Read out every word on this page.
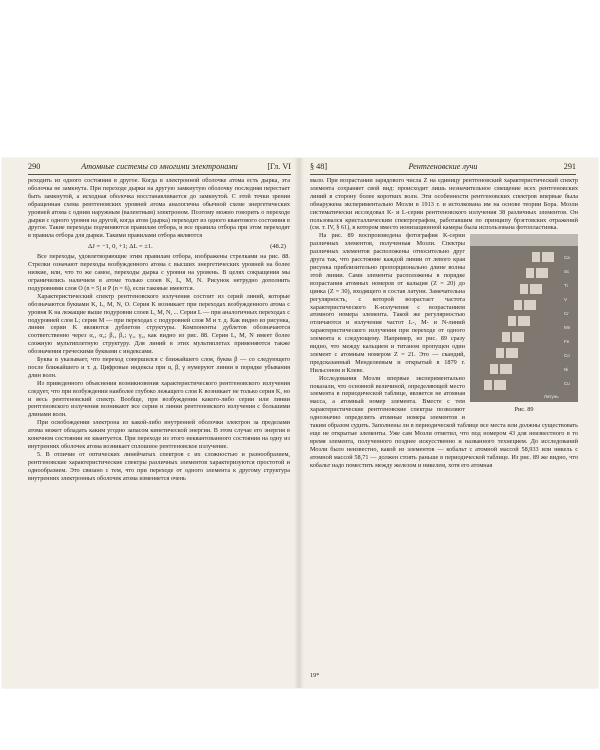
290	Атомные системы со многими электронами	[Гл. VI

реходить из одного состояния в другое. Когда в электронной оболочке атома есть дырка, эта оболочка не замкнута. При переходе дырки на другую замкнутую оболочку последняя перестает быть замкнутой, а исходная оболочка восстанавливается до замкнутой. С этой точки зрения обращенная схема рентгеновских уровней атома аналогична обычной схеме энергетических уровней атома с одним наружным (валентным) электроном. Поэтому можно говорить о переходе дырки с одного уровня на другой, когда атом (дырка) переходит из одного квантового состояния в другое. Такие переходы подчиняются правилам отбора, и все правила отбора при этом переходят в правила отбора для дырки. Такими правилами отбора являются

ΔJ = −1, 0, +1; ΔL = ±1.	(48.2)

Все переходы, удовлетворяющие этим правилам отбора, изображены стрелками на рис. 88. Стрелки означают переходы возбужденного атома с высших энергетических уровней на более низкие, или, что то же самое, переходы дырка с уровня на уровень. В целях сокращения мы ограничились наличием в атоме только слоев K, L, M, N. Рисунок нетрудно дополнить подуровнями слоя O (n = 5) и P (n = 6), если таковые имеются.

Характеристический спектр рентгеновского излучения состоит из серий линий, которые обозначаются буквами K, L, M, N, O. Серия K возникает при переходах возбужденного атома с уровня K на лежащие выше подуровни слоев L, M, N, ... Серия L — при аналогичных переходах с подуровней слоя L; серия M — при переходах с подуровней слоя M и т. д. Как видно из рисунка, линия серии K являются дублетом структуры. Компоненты дублетов обозначаются соответственно через α₁, α₂; β₁, β₂; γ₁, γ₂, как видно из рис. 88. Серия L, M, N имеет более сложную мультиплетную структуру. Для линий в этих мультиплетах применяются также обозначения греческими буквами с индексами.

Буква α указывает, что переход совершился с ближайшего слоя, буква β — со следующего после ближайшего и т. д. Цифровые индексы при α, β, γ нумеруют линии в порядке убывания длин волн.

Из приведенного объяснения возникновения характеристического рентгеновского излучения следует, что при возбуждении наиболее глубоко лежащего слоя K возникает не только серия K, но и весь рентгеновский спектр. Вообще, при возбуждении какого-либо серии или линии рентгеновского излучения возникают все серии и линии рентгеновского излучения с большими длинами волн.

При освобождении электрона из какой-либо внутренней оболочки электрон за пределами атома может обладать каким угодно запасом кинетической энергии. В этом случае его энергия в конечном состоянии не квантуется. При переходе из этого неквантованного состояния на одну из внутренних оболочек атома возникает сплошное рентгеновское излучение.

5. В отличие от оптических линейчатых спектров с их сложностью и разнообразием, рентгеновские характеристические спектры различных элементов характеризуются простотой и однообразием. Это связано с тем, что при переходе от одного элемента к другому структура внутренних электронных оболочек атома изменяется очень

§ 48]	Рентгеновские лучи	291

мало. При возрастании зарядового числа Z на единицу рентгеновский характеристический спектр элемента сохраняет свой вид: происходит лишь незначительное смещение всех рентгеновских линий в сторону более коротких волн. Эти особенности рентгеновских спектров впервые была обнаружена экспериментально Мозли в 1913 г. и истолкована им на основе теории Бора. Мозли систематически исследовал K- и L-серии рентгеновского излучения 38 различных элементов. Он пользовался кристаллическим спектрографом, работавшим по принципу брэгговских отражений (см. т. IV, § 61), в котором вместо ионизационной камеры была использована фотопластинка.

Ca
Sc
Ti
V
Cr
Mn
Fe
Co
Ni
Cu
Латунь
Рис. 89

На рис. 89 воспроизведена фотография K-серии различных элементов, полученная Мозли. Спектры различных элементов расположены относительно друг друга так, что расстояние каждой линии от левого края рисунка приблизительно пропорционально длине волны этой линии. Сами элементы расположены в порядке возрастания атомных номеров от кальция (Z = 20) до цинка (Z = 30), входящего в состав латуни. Замечательна регулярность, с которой возрастает частота характеристического K-излучения с возрастанием атомного номера элемента. Такой же регулярностью отличаются и излучения частот L-, M- и N-линий характеристического излучения при переходе от одного элемента к следующему. Например, из рис. 89 сразу видно, что между кальцием и титаном пропущен один элемент с атомным номером Z = 21. Это — скандий, предсказанный Менделеевым и открытый в 1879 г. Нильсоном и Клеве.

Исследования Мозли впервые экспериментально показали, что основной величиной, определяющей место элемента в периодической таблице, является не атомная масса, а атомный номер элемента. Вместе с тем характеристические рентгеновские спектры позволяют однозначно определить атомные номера элементов и таким образом судить. Заполнены ли в периодической таблице все места или должны существовать еще не открытые элементы. Уже сам Мозли отметил, что под номером 43 для неизвестного в то время элемента, полученного позднее искусственно и названного технецием. До исследований Мозли было неизвестно, какой из элементов — кобальт с атомной массой 58,933 или никель с атомной массой 58,71 — должен стоять раньше в периодической таблице. Из рис. 89 же видно, что кобальт надо поместить между железом и никелем, хотя его атомная

19*
